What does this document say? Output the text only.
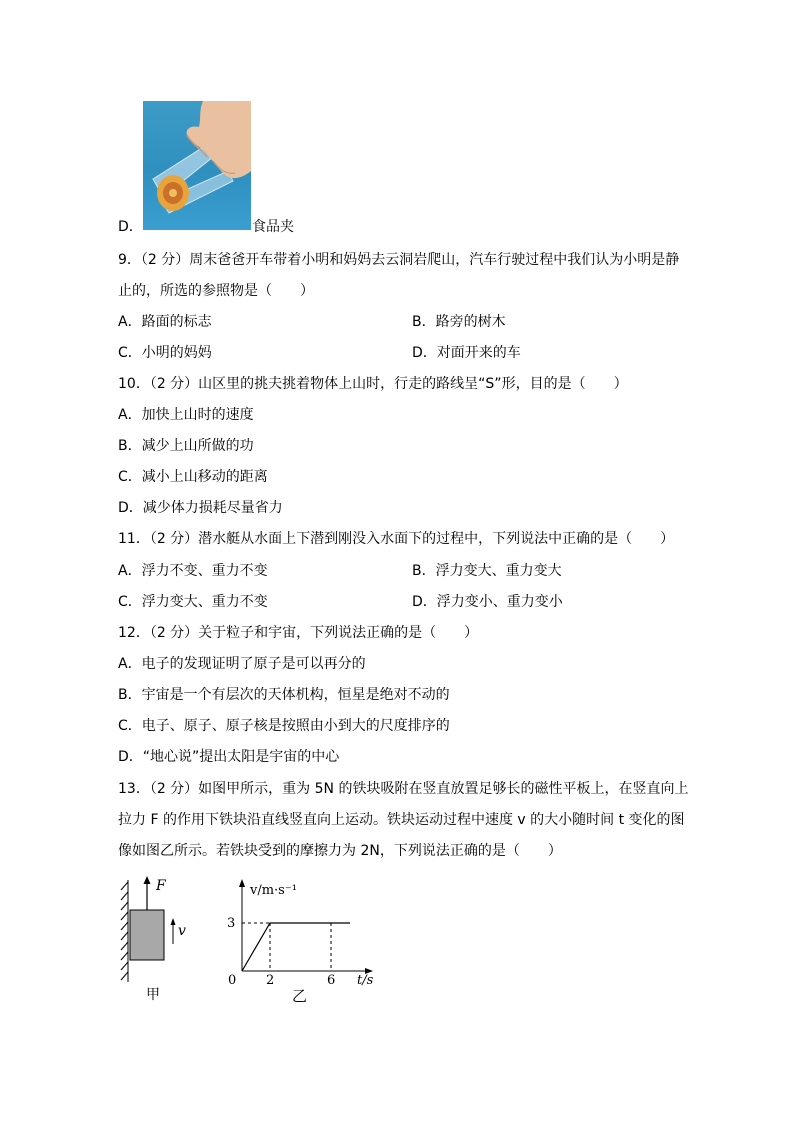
D．	食品夹
9．（2 分）周末爸爸开车带着小明和妈妈去云洞岩爬山，汽车行驶过程中我们认为小明是静
止的，所选的参照物是（　　）
A．路面的标志	B．路旁的树木
C．小明的妈妈	D．对面开来的车
10．（2 分）山区里的挑夫挑着物体上山时，行走的路线呈“S”形，目的是（　　）
A．加快上山时的速度
B．减少上山所做的功
C．减小上山移动的距离
D．减少体力损耗尽量省力
11．（2 分）潜水艇从水面上下潜到刚没入水面下的过程中，下列说法中正确的是（　　）
A．浮力不变、重力不变	B．浮力变大、重力变大
C．浮力变大、重力不变	D．浮力变小、重力变小
12．（2 分）关于粒子和宇宙，下列说法正确的是（　　）
A．电子的发现证明了原子是可以再分的
B．宇宙是一个有层次的天体机构，恒星是绝对不动的
C．电子、原子、原子核是按照由小到大的尺度排序的
D．“地心说”提出太阳是宇宙的中心
13．（2 分）如图甲所示，重为 5N 的铁块吸附在竖直放置足够长的磁性平板上，在竖直向上
拉力 F 的作用下铁块沿直线竖直向上运动。铁块运动过程中速度 v 的大小随时间 t 变化的图
像如图乙所示。若铁块受到的摩擦力为 2N，下列说法正确的是（　　）
F
v
甲
v/m·s⁻¹
3
0 2	6 t/s
乙
